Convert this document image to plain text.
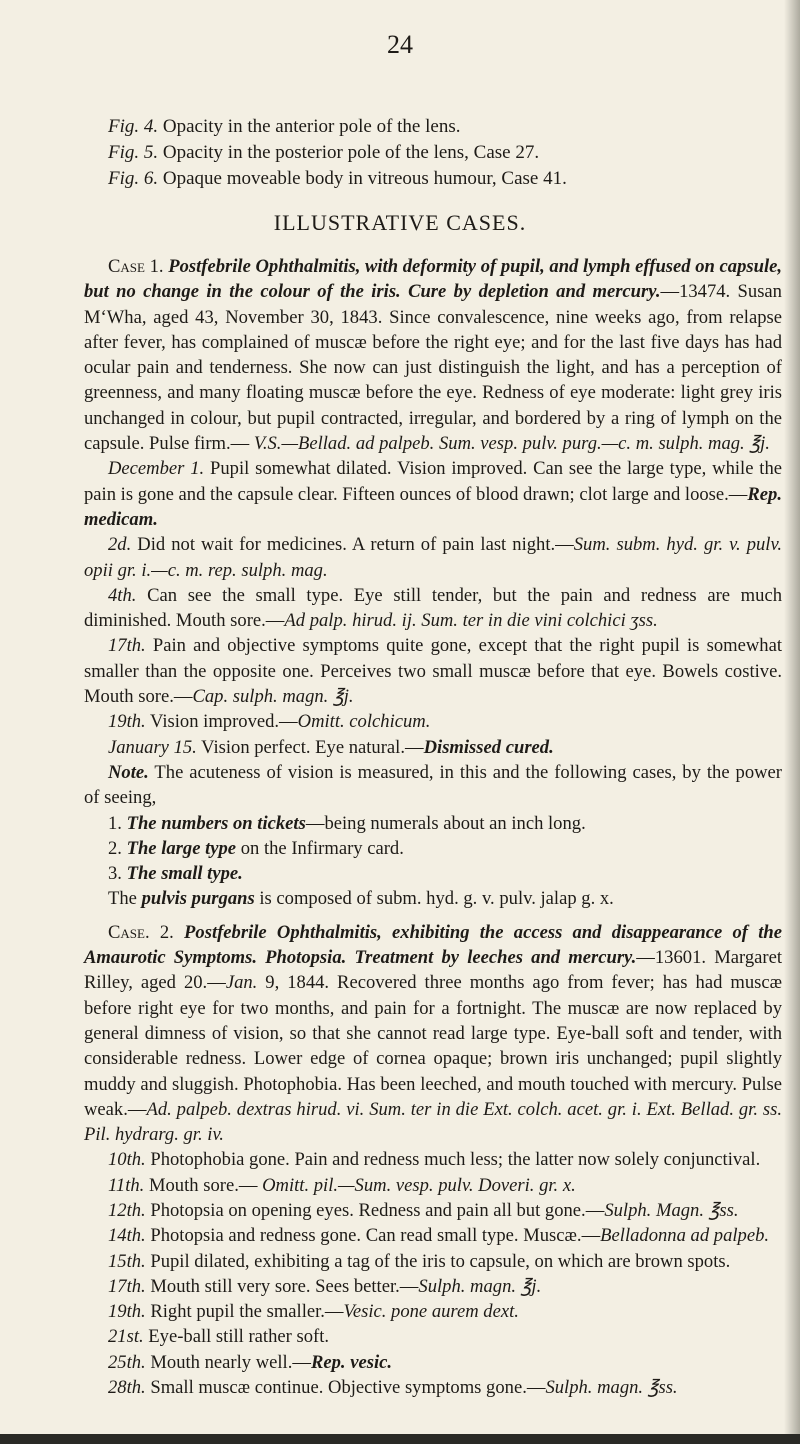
24

Fig. 4. Opacity in the anterior pole of the lens.

Fig. 5. Opacity in the posterior pole of the lens, Case 27.

Fig. 6. Opaque moveable body in vitreous humour, Case 41.

ILLUSTRATIVE CASES.

Case 1. Postfebrile Ophthalmitis, with deformity of pupil, and lymph effused on capsule, but no change in the colour of the iris. Cure by depletion and mercury.—13474. Susan M‘Wha, aged 43, November 30, 1843. Since convalescence, nine weeks ago, from relapse after fever, has complained of muscæ before the right eye; and for the last five days has had ocular pain and tenderness. She now can just distinguish the light, and has a perception of greenness, and many floating muscæ before the eye. Redness of eye moderate: light grey iris unchanged in colour, but pupil contracted, irregular, and bordered by a ring of lymph on the capsule. Pulse firm.— V.S.—Bellad. ad palpeb. Sum. vesp. pulv. purg.—c. m. sulph. mag. ℥j.

December 1. Pupil somewhat dilated. Vision improved. Can see the large type, while the pain is gone and the capsule clear. Fifteen ounces of blood drawn; clot large and loose.—Rep. medicam.

2d. Did not wait for medicines. A return of pain last night.—Sum. subm. hyd. gr. v. pulv. opii gr. i.—c. m. rep. sulph. mag.

4th. Can see the small type. Eye still tender, but the pain and redness are much diminished. Mouth sore.—Ad palp. hirud. ij. Sum. ter in die vini colchici ʒss.

17th. Pain and objective symptoms quite gone, except that the right pupil is somewhat smaller than the opposite one. Perceives two small muscæ before that eye. Bowels costive. Mouth sore.—Cap. sulph. magn. ℥j.

19th. Vision improved.—Omitt. colchicum.

January 15. Vision perfect. Eye natural.—Dismissed cured.

Note. The acuteness of vision is measured, in this and the following cases, by the power of seeing,

1. The numbers on tickets—being numerals about an inch long.

2. The large type on the Infirmary card.

3. The small type.

The pulvis purgans is composed of subm. hyd. g. v. pulv. jalap g. x.

Case. 2. Postfebrile Ophthalmitis, exhibiting the access and disappearance of the Amaurotic Symptoms. Photopsia. Treatment by leeches and mercury.—13601. Margaret Rilley, aged 20.—Jan. 9, 1844. Recovered three months ago from fever; has had muscæ before right eye for two months, and pain for a fortnight. The muscæ are now replaced by general dimness of vision, so that she cannot read large type. Eye-ball soft and tender, with considerable redness. Lower edge of cornea opaque; brown iris unchanged; pupil slightly muddy and sluggish. Photophobia. Has been leeched, and mouth touched with mercury. Pulse weak.—Ad. palpeb. dextras hirud. vi. Sum. ter in die Ext. colch. acet. gr. i. Ext. Bellad. gr. ss. Pil. hydrarg. gr. iv.

10th. Photophobia gone. Pain and redness much less; the latter now solely conjunctival.

11th. Mouth sore.— Omitt. pil.—Sum. vesp. pulv. Doveri. gr. x.

12th. Photopsia on opening eyes. Redness and pain all but gone.—Sulph. Magn. ℥ss.

14th. Photopsia and redness gone. Can read small type. Muscæ.—Belladonna ad palpeb.

15th. Pupil dilated, exhibiting a tag of the iris to capsule, on which are brown spots.

17th. Mouth still very sore. Sees better.—Sulph. magn. ℥j.

19th. Right pupil the smaller.—Vesic. pone aurem dext.

21st. Eye-ball still rather soft.

25th. Mouth nearly well.—Rep. vesic.

28th. Small muscæ continue. Objective symptoms gone.—Sulph. magn. ℥ss.
